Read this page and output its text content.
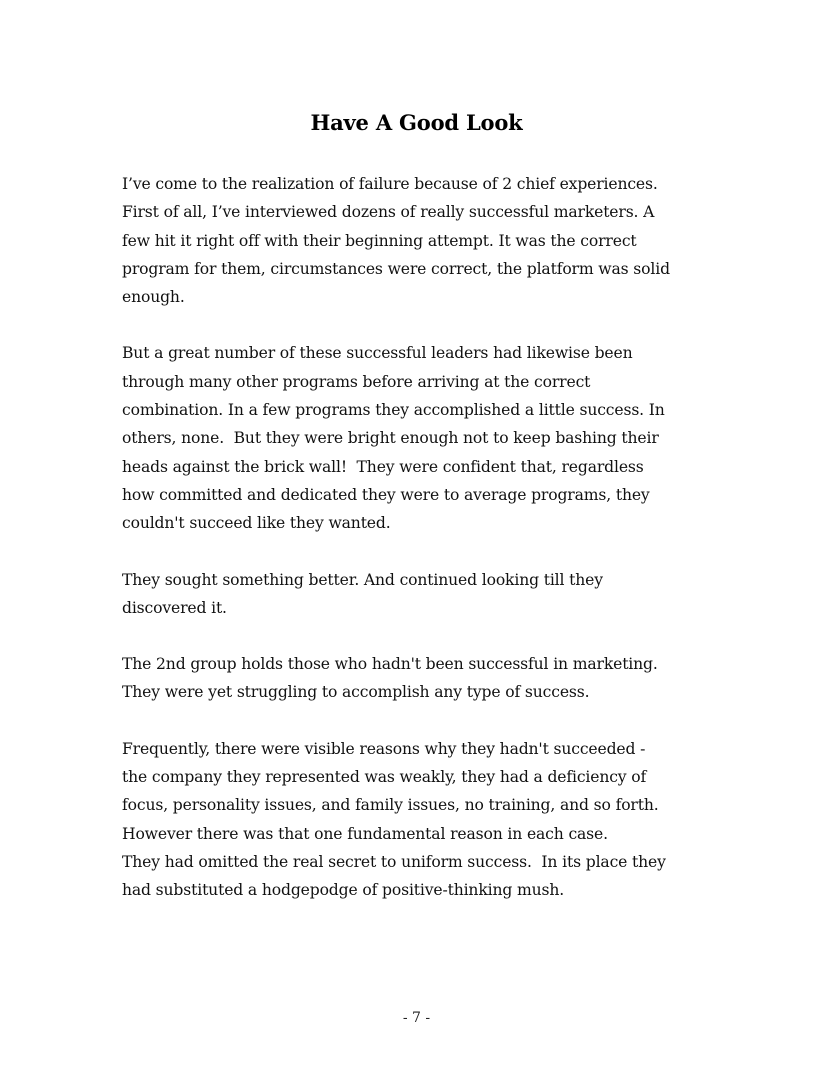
Have A Good Look

I’ve come to the realization of failure because of 2 chief experiences.
First of all, I’ve interviewed dozens of really successful marketers. A
few hit it right off with their beginning attempt. It was the correct
program for them, circumstances were correct, the platform was solid
enough.

But a great number of these successful leaders had likewise been
through many other programs before arriving at the correct
combination. In a few programs they accomplished a little success. In
others, none.  But they were bright enough not to keep bashing their
heads against the brick wall!  They were confident that, regardless
how committed and dedicated they were to average programs, they
couldn't succeed like they wanted.

They sought something better. And continued looking till they
discovered it.

The 2nd group holds those who hadn't been successful in marketing.
They were yet struggling to accomplish any type of success.

Frequently, there were visible reasons why they hadn't succeeded -
the company they represented was weakly, they had a deficiency of
focus, personality issues, and family issues, no training, and so forth.
However there was that one fundamental reason in each case.
They had omitted the real secret to uniform success.  In its place they
had substituted a hodgepodge of positive-thinking mush.

- 7 -
